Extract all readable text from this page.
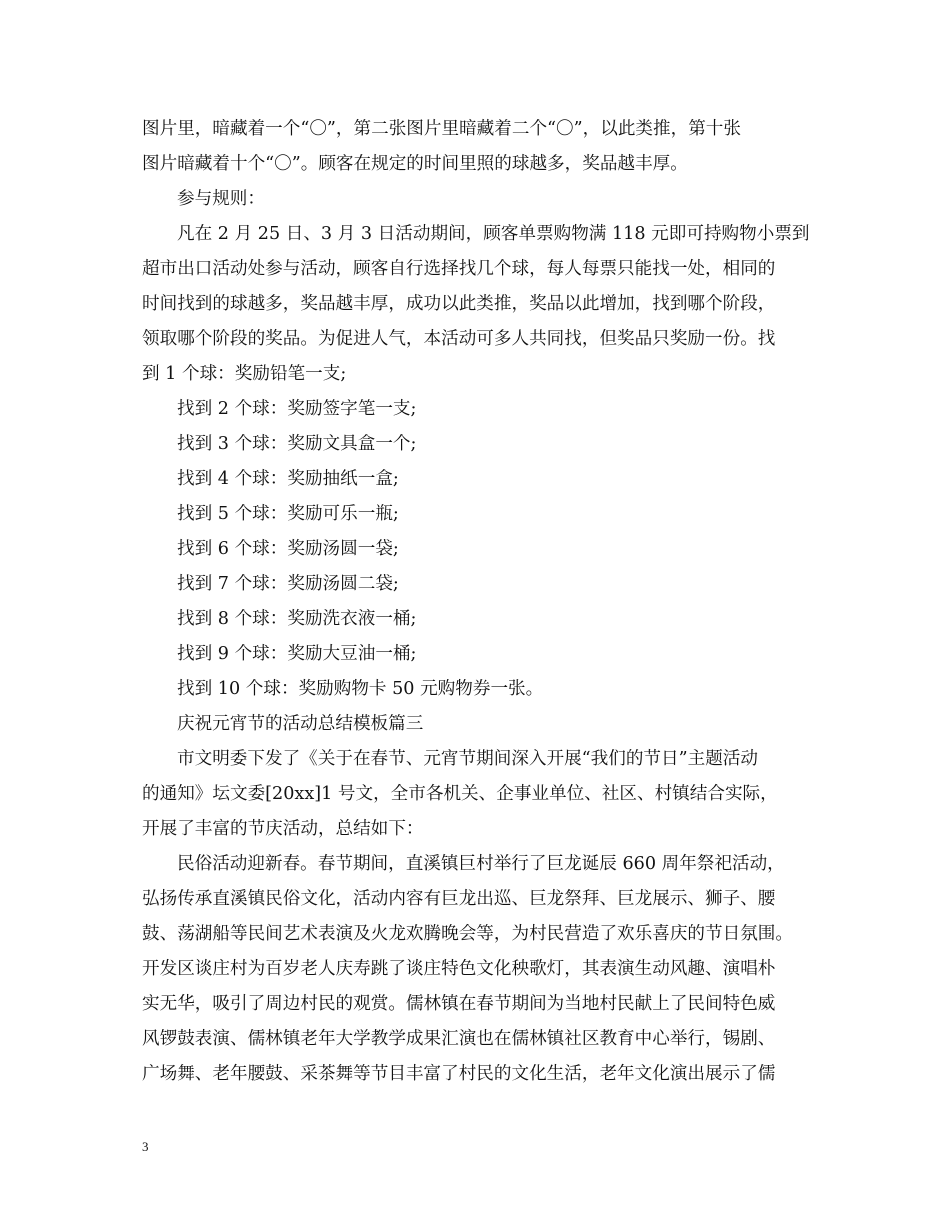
图片里，暗藏着一个“〇”，第二张图片里暗藏着二个“〇”，以此类推，第十张
图片暗藏着十个“〇”。顾客在规定的时间里照的球越多，奖品越丰厚。
参与规则：
凡在 2 月 25 日、3 月 3 日活动期间，顾客单票购物满 118 元即可持购物小票到
超市出口活动处参与活动，顾客自行选择找几个球，每人每票只能找一处，相同的
时间找到的球越多，奖品越丰厚，成功以此类推，奖品以此增加，找到哪个阶段，
领取哪个阶段的奖品。为促进人气，本活动可多人共同找，但奖品只奖励一份。找
到 1 个球：奖励铅笔一支;
找到 2 个球：奖励签字笔一支;
找到 3 个球：奖励文具盒一个;
找到 4 个球：奖励抽纸一盒;
找到 5 个球：奖励可乐一瓶;
找到 6 个球：奖励汤圆一袋;
找到 7 个球：奖励汤圆二袋;
找到 8 个球：奖励洗衣液一桶;
找到 9 个球：奖励大豆油一桶;
找到 10 个球：奖励购物卡 50 元购物券一张。
庆祝元宵节的活动总结模板篇三
市文明委下发了《关于在春节、元宵节期间深入开展“我们的节日”主题活动
的通知》坛文委[20xx]1 号文，全市各机关、企事业单位、社区、村镇结合实际，
开展了丰富的节庆活动，总结如下：
民俗活动迎新春。春节期间，直溪镇巨村举行了巨龙诞辰 660 周年祭祀活动，
弘扬传承直溪镇民俗文化，活动内容有巨龙出巡、巨龙祭拜、巨龙展示、狮子、腰
鼓、荡湖船等民间艺术表演及火龙欢腾晚会等，为村民营造了欢乐喜庆的节日氛围。
开发区谈庄村为百岁老人庆寿跳了谈庄特色文化秧歌灯，其表演生动风趣、演唱朴
实无华，吸引了周边村民的观赏。儒林镇在春节期间为当地村民献上了民间特色威
风锣鼓表演、儒林镇老年大学教学成果汇演也在儒林镇社区教育中心举行，锡剧、
广场舞、老年腰鼓、采茶舞等节目丰富了村民的文化生活，老年文化演出展示了儒
3
